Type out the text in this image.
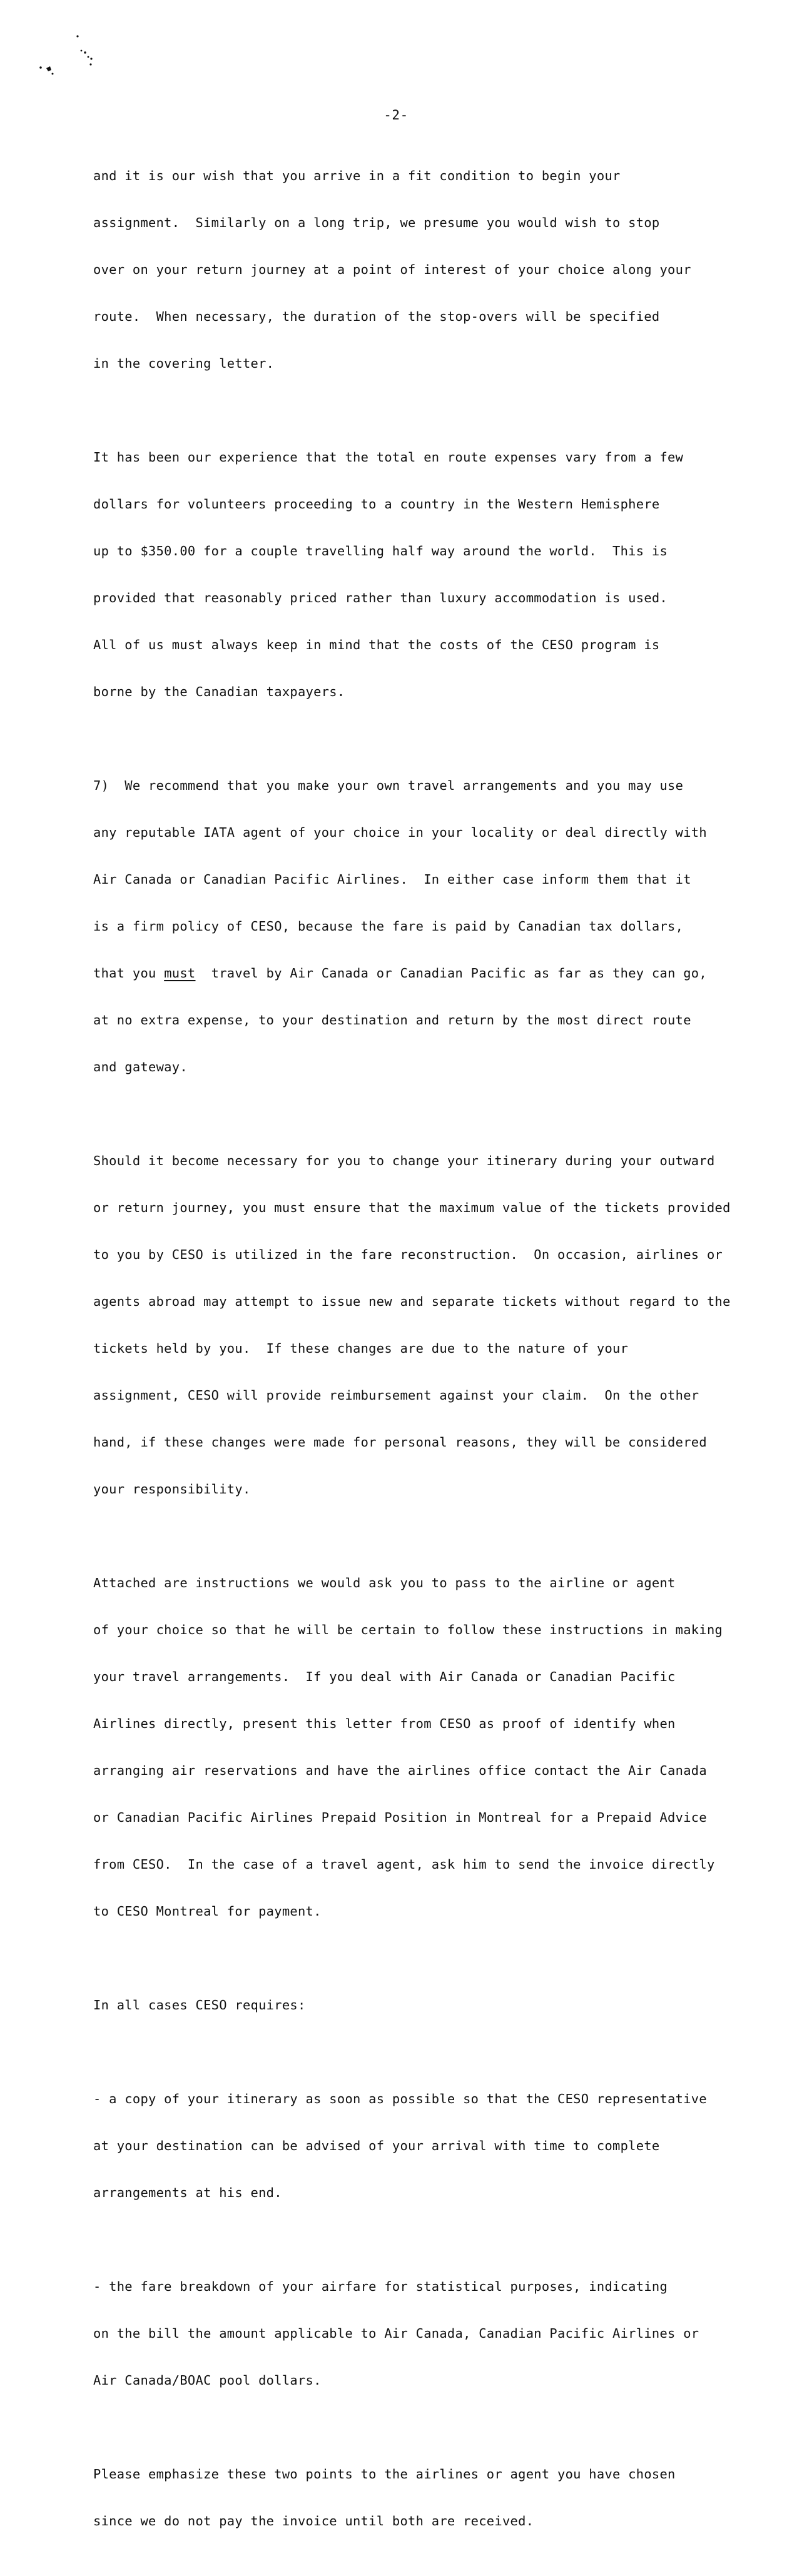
-2-

and it is our wish that you arrive in a fit condition to begin your

assignment.  Similarly on a long trip, we presume you would wish to stop

over on your return journey at a point of interest of your choice along your

route.  When necessary, the duration of the stop-overs will be specified

in the covering letter.

It has been our experience that the total en route expenses vary from a few

dollars for volunteers proceeding to a country in the Western Hemisphere

up to $350.00 for a couple travelling half way around the world.  This is

provided that reasonably priced rather than luxury accommodation is used.

All of us must always keep in mind that the costs of the CESO program is

borne by the Canadian taxpayers.

7)  We recommend that you make your own travel arrangements and you may use

any reputable IATA agent of your choice in your locality or deal directly with

Air Canada or Canadian Pacific Airlines.  In either case inform them that it

is a firm policy of CESO, because the fare is paid by Canadian tax dollars,

that you must  travel by Air Canada or Canadian Pacific as far as they can go,

at no extra expense, to your destination and return by the most direct route

and gateway.

Should it become necessary for you to change your itinerary during your outward

or return journey, you must ensure that the maximum value of the tickets provided

to you by CESO is utilized in the fare reconstruction.  On occasion, airlines or

agents abroad may attempt to issue new and separate tickets without regard to the

tickets held by you.  If these changes are due to the nature of your

assignment, CESO will provide reimbursement against your claim.  On the other

hand, if these changes were made for personal reasons, they will be considered

your responsibility.

Attached are instructions we would ask you to pass to the airline or agent

of your choice so that he will be certain to follow these instructions in making

your travel arrangements.  If you deal with Air Canada or Canadian Pacific

Airlines directly, present this letter from CESO as proof of identify when

arranging air reservations and have the airlines office contact the Air Canada

or Canadian Pacific Airlines Prepaid Position in Montreal for a Prepaid Advice

from CESO.  In the case of a travel agent, ask him to send the invoice directly

to CESO Montreal for payment.

In all cases CESO requires:

- a copy of your itinerary as soon as possible so that the CESO representative

at your destination can be advised of your arrival with time to complete

arrangements at his end.

- the fare breakdown of your airfare for statistical purposes, indicating

on the bill the amount applicable to Air Canada, Canadian Pacific Airlines or

Air Canada/BOAC pool dollars.

Please emphasize these two points to the airlines or agent you have chosen

since we do not pay the invoice until both are received.
